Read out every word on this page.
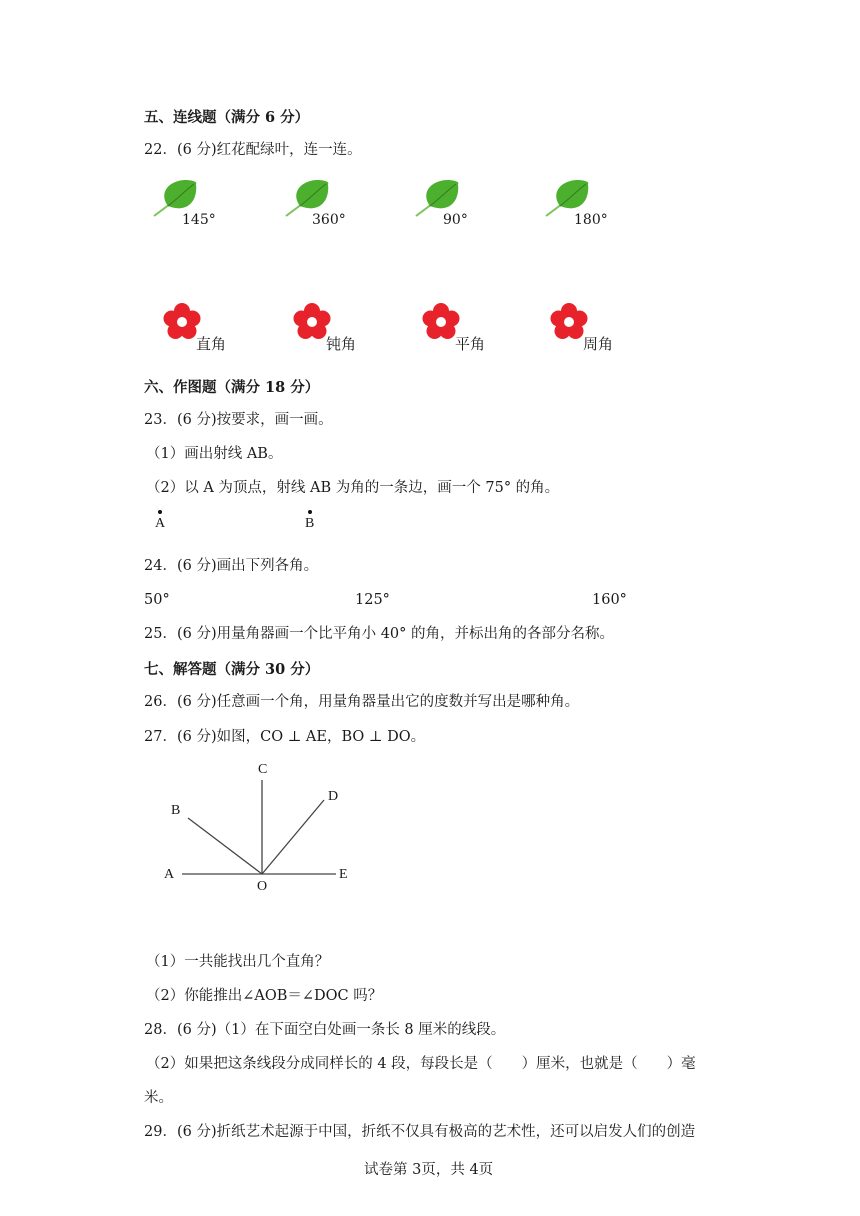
五、连线题（满分 6 分）
22．(6 分)红花配绿叶，连一连。
145°	360°	90°	180°
直角	钝角	平角	周角
六、作图题（满分 18 分）
23．(6 分)按要求，画一画。
（1）画出射线 AB。
（2）以 A 为顶点，射线 AB 为角的一条边，画一个 75° 的角。
A	B
24．(6 分)画出下列各角。
50°	125°	160°
25．(6 分)用量角器画一个比平角小 40° 的角，并标出角的各部分名称。
七、解答题（满分 30 分）
26．(6 分)任意画一个角，用量角器量出它的度数并写出是哪种角。
27．(6 分)如图，CO ⊥ AE，BO ⊥ DO。
C
B
D
A	E
O
（1）一共能找出几个直角？
（2）你能推出∠AOB＝∠DOC 吗？
28．(6 分)（1）在下面空白处画一条长 8 厘米的线段。
（2）如果把这条线段分成同样长的 4 段，每段长是（　　）厘米，也就是（　　）毫
米。
29．(6 分)折纸艺术起源于中国，折纸不仅具有极高的艺术性，还可以启发人们的创造
试卷第 3页，共 4页
